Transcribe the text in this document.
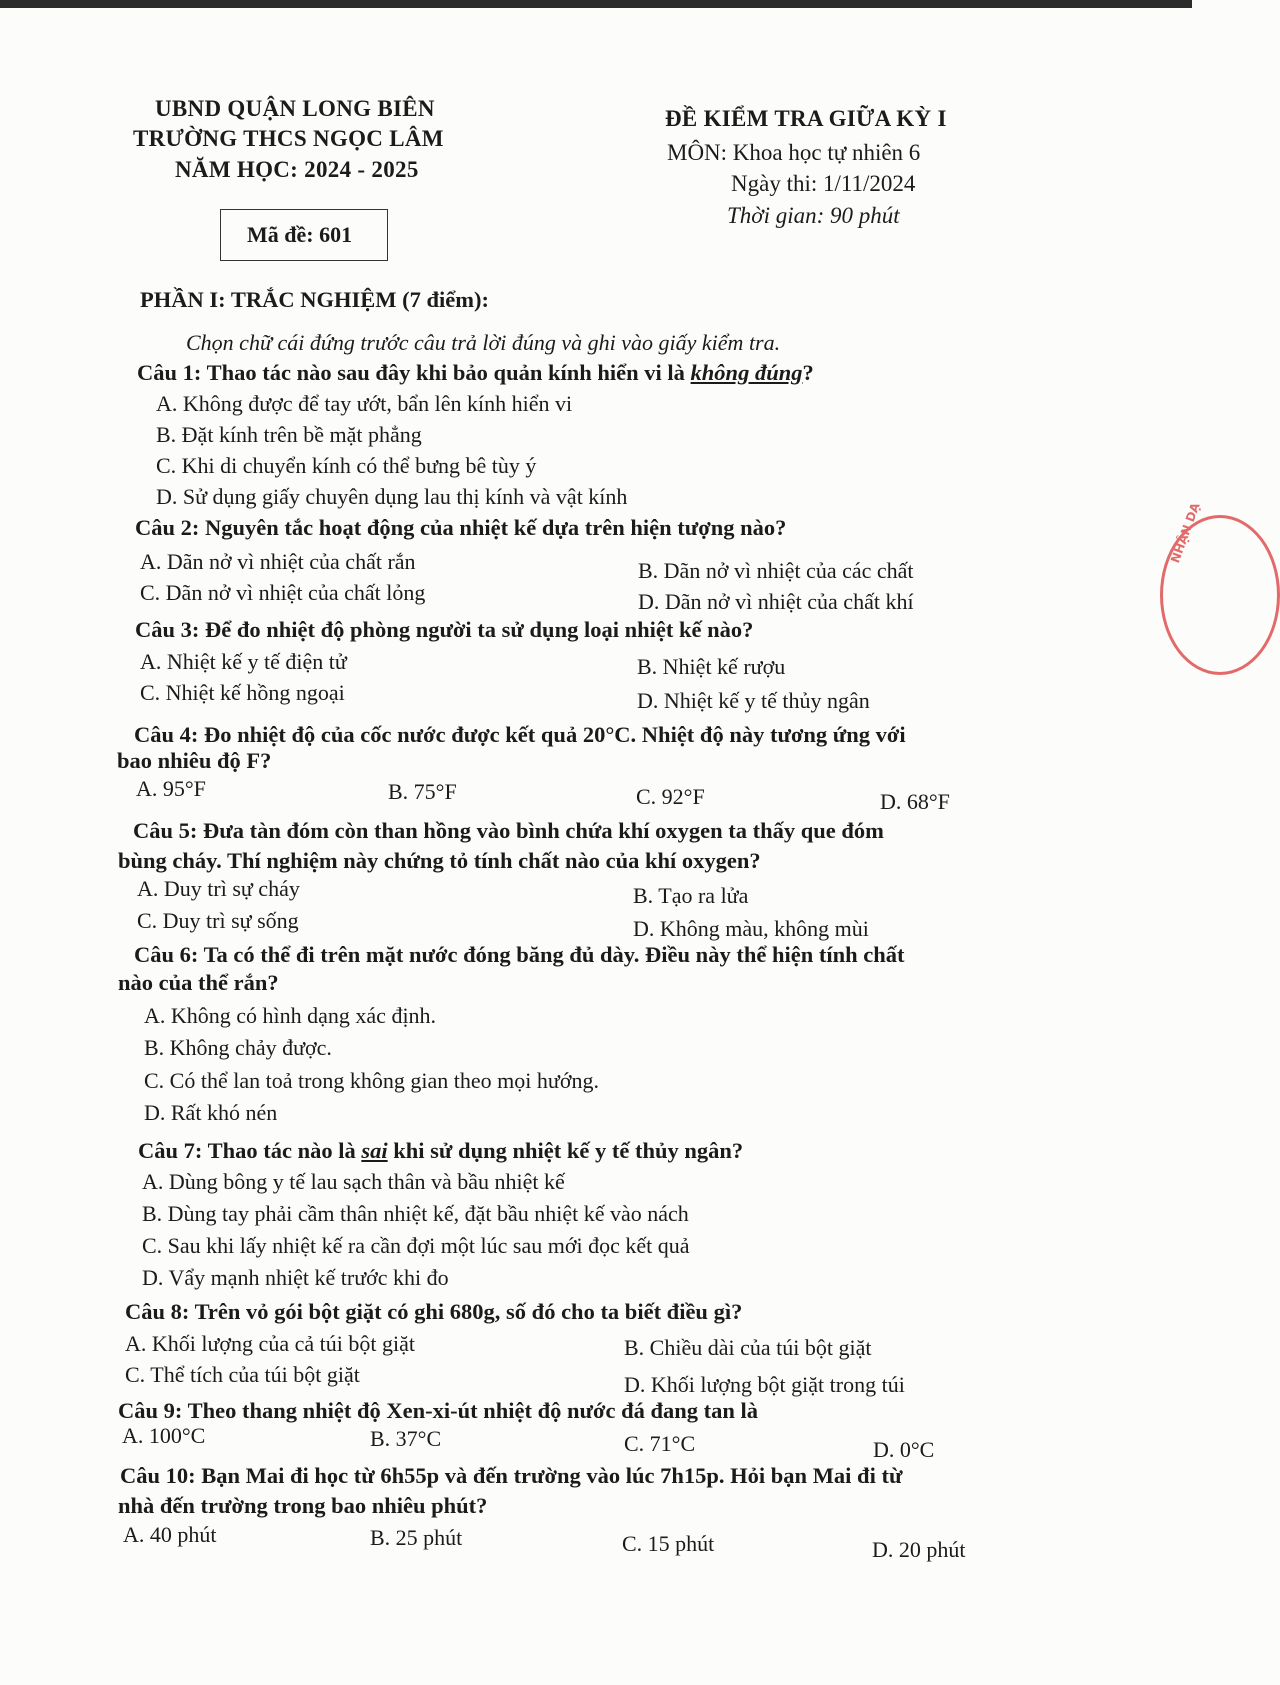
UBND QUẬN LONG BIÊN
TRƯỜNG THCS NGỌC LÂM
NĂM HỌC: 2024 - 2025
Mã đề: 601
ĐỀ KIỂM TRA GIỮA KỲ I
MÔN: Khoa học tự nhiên 6
Ngày thi: 1/11/2024
Thời gian: 90 phút
PHẦN I: TRẮC NGHIỆM (7 điểm):
Chọn chữ cái đứng trước câu trả lời đúng và ghi vào giấy kiểm tra.
Câu 1: Thao tác nào sau đây khi bảo quản kính hiển vi là không đúng?
A. Không được để tay ướt, bẩn lên kính hiển vi
B. Đặt kính trên bề mặt phẳng
C. Khi di chuyển kính có thể bưng bê tùy ý
D. Sử dụng giấy chuyên dụng lau thị kính và vật kính
Câu 2: Nguyên tắc hoạt động của nhiệt kế dựa trên hiện tượng nào?
A. Dãn nở vì nhiệt của chất rắn	B. Dãn nở vì nhiệt của các chất
C. Dãn nở vì nhiệt của chất lỏng	D. Dãn nở vì nhiệt của chất khí
Câu 3: Để đo nhiệt độ phòng người ta sử dụng loại nhiệt kế nào?
A. Nhiệt kế y tế điện tử	B. Nhiệt kế rượu
C. Nhiệt kế hồng ngoại	D. Nhiệt kế y tế thủy ngân
Câu 4: Đo nhiệt độ của cốc nước được kết quả 20°C. Nhiệt độ này tương ứng với
bao nhiêu độ F?
A. 95°F	B. 75°F	C. 92°F	D. 68°F
Câu 5: Đưa tàn đóm còn than hồng vào bình chứa khí oxygen ta thấy que đóm
bùng cháy. Thí nghiệm này chứng tỏ tính chất nào của khí oxygen?
A. Duy trì sự cháy	B. Tạo ra lửa
C. Duy trì sự sống	D. Không màu, không mùi
Câu 6: Ta có thể đi trên mặt nước đóng băng đủ dày. Điều này thể hiện tính chất
nào của thể rắn?
A. Không có hình dạng xác định.
B. Không chảy được.
C. Có thể lan toả trong không gian theo mọi hướng.
D. Rất khó nén
Câu 7: Thao tác nào là sai khi sử dụng nhiệt kế y tế thủy ngân?
A. Dùng bông y tế lau sạch thân và bầu nhiệt kế
B. Dùng tay phải cầm thân nhiệt kế, đặt bầu nhiệt kế vào nách
C. Sau khi lấy nhiệt kế ra cần đợi một lúc sau mới đọc kết quả
D. Vẩy mạnh nhiệt kế trước khi đo
Câu 8: Trên vỏ gói bột giặt có ghi 680g, số đó cho ta biết điều gì?
A. Khối lượng của cả túi bột giặt	B. Chiều dài của túi bột giặt
C. Thể tích của túi bột giặt	D. Khối lượng bột giặt trong túi
Câu 9: Theo thang nhiệt độ Xen-xi-út nhiệt độ nước đá đang tan là
A. 100°C	B. 37°C	C. 71°C	D. 0°C
Câu 10: Bạn Mai đi học từ 6h55p và đến trường vào lúc 7h15p. Hỏi bạn Mai đi từ
nhà đến trường trong bao nhiêu phút?
A. 40 phút	B. 25 phút	C. 15 phút	D. 20 phút
NHẬN DẠ
